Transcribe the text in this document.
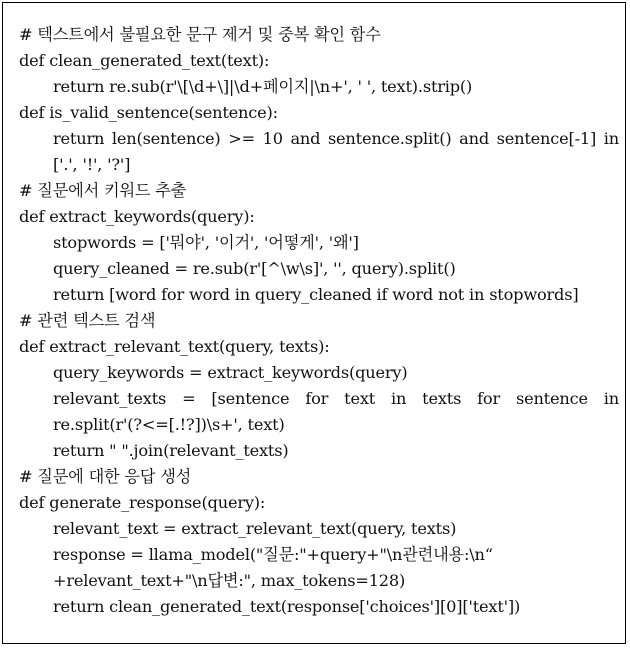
# 텍스트에서 불필요한 문구 제거 및 중복 확인 함수
def clean_generated_text(text):
return re.sub(r'\[\d+\]|\d+페이지|\n+', ' ', text).strip()
def is_valid_sentence(sentence):
return len(sentence) >= 10 and sentence.split() and sentence[-1] in
['.', '!', '?']
# 질문에서 키워드 추출
def extract_keywords(query):
stopwords = ['뭐야', '이거', '어떻게', '왜']
query_cleaned = re.sub(r'[^\w\s]', '', query).split()
return [word for word in query_cleaned if word not in stopwords]
# 관련 텍스트 검색
def extract_relevant_text(query, texts):
query_keywords = extract_keywords(query)
relevant_texts = [sentence for text in texts for sentence in
re.split(r'(?<=[.!?])\s+', text)
return " ".join(relevant_texts)
# 질문에 대한 응답 생성
def generate_response(query):
relevant_text = extract_relevant_text(query, texts)
response = llama_model("질문:"+query+"\n관련내용:\n“
+relevant_text+"\n답변:", max_tokens=128)
return clean_generated_text(response['choices'][0]['text'])
